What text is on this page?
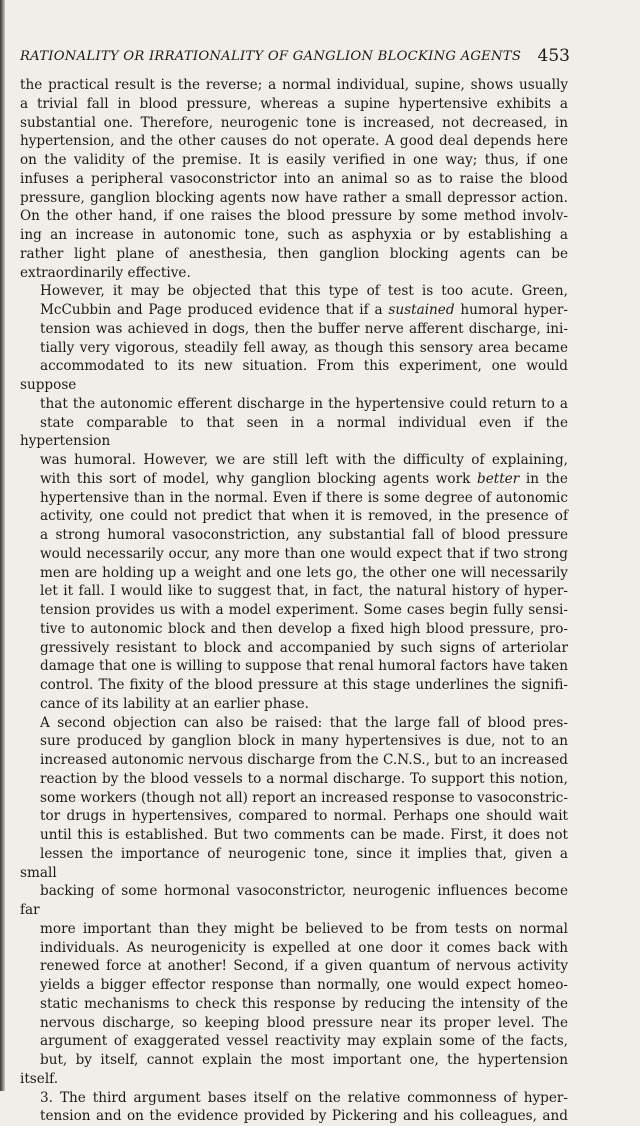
RATIONALITY OR IRRATIONALITY OF GANGLION BLOCKING AGENTS 453

the practical result is the reverse; a normal individual, supine, shows usually
a trivial fall in blood pressure, whereas a supine hypertensive exhibits a
substantial one. Therefore, neurogenic tone is increased, not decreased, in
hypertension, and the other causes do not operate. A good deal depends here
on the validity of the premise. It is easily verified in one way; thus, if one
infuses a peripheral vasoconstrictor into an animal so as to raise the blood
pressure, ganglion blocking agents now have rather a small depressor action.
On the other hand, if one raises the blood pressure by some method involv-
ing an increase in autonomic tone, such as asphyxia or by establishing a
rather light plane of anesthesia, then ganglion blocking agents can be
extraordinarily effective.

However, it may be objected that this type of test is too acute. Green,
McCubbin and Page produced evidence that if a sustained humoral hyper-
tension was achieved in dogs, then the buffer nerve afferent discharge, ini-
tially very vigorous, steadily fell away, as though this sensory area became
accommodated to its new situation. From this experiment, one would suppose
that the autonomic efferent discharge in the hypertensive could return to a
state comparable to that seen in a normal individual even if the hypertension
was humoral. However, we are still left with the difficulty of explaining,
with this sort of model, why ganglion blocking agents work better in the
hypertensive than in the normal. Even if there is some degree of autonomic
activity, one could not predict that when it is removed, in the presence of
a strong humoral vasoconstriction, any substantial fall of blood pressure
would necessarily occur, any more than one would expect that if two strong
men are holding up a weight and one lets go, the other one will necessarily
let it fall. I would like to suggest that, in fact, the natural history of hyper-
tension provides us with a model experiment. Some cases begin fully sensi-
tive to autonomic block and then develop a fixed high blood pressure, pro-
gressively resistant to block and accompanied by such signs of arteriolar
damage that one is willing to suppose that renal humoral factors have taken
control. The fixity of the blood pressure at this stage underlines the signifi-
cance of its lability at an earlier phase.

A second objection can also be raised: that the large fall of blood pres-
sure produced by ganglion block in many hypertensives is due, not to an
increased autonomic nervous discharge from the C.N.S., but to an increased
reaction by the blood vessels to a normal discharge. To support this notion,
some workers (though not all) report an increased response to vasoconstric-
tor drugs in hypertensives, compared to normal. Perhaps one should wait
until this is established. But two comments can be made. First, it does not
lessen the importance of neurogenic tone, since it implies that, given a small
backing of some hormonal vasoconstrictor, neurogenic influences become far
more important than they might be believed to be from tests on normal
individuals. As neurogenicity is expelled at one door it comes back with
renewed force at another! Second, if a given quantum of nervous activity
yields a bigger effector response than normally, one would expect homeo-
static mechanisms to check this response by reducing the intensity of the
nervous discharge, so keeping blood pressure near its proper level. The
argument of exaggerated vessel reactivity may explain some of the facts,
but, by itself, cannot explain the most important one, the hypertension itself.

3. The third argument bases itself on the relative commonness of hyper-
tension and on the evidence provided by Pickering and his colleagues, and
